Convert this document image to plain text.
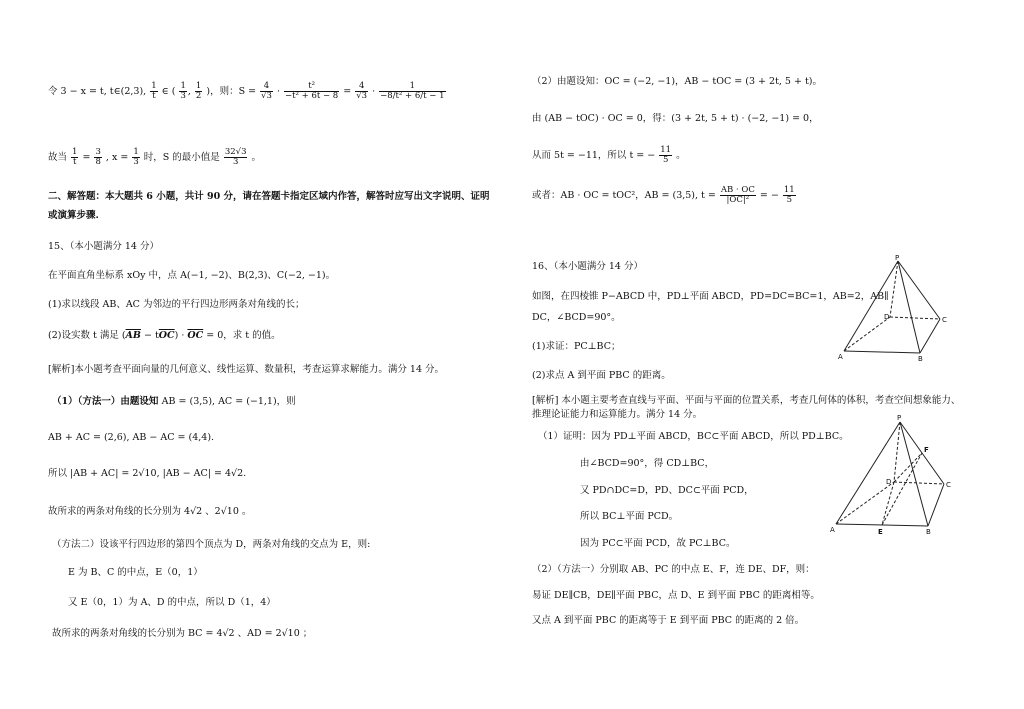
令 3 − x = t, t∈(2,3), $\frac{1}{t}$ ∈ ( $\frac{1}{3}$ , $\frac{1}{2}$ )，则：$S = \frac{4}{√3} \cdot \frac{\text{t²}}{\text{−t² + 6t − 8}} = \frac{4}{√3} \cdot \frac{1}{\text{−8/t² + 6/t − 1}}$
故当 $\frac{1}{t} = \frac{3}{8}$ , $x = \frac{1}{3}$ 时，S 的最小值是 $\frac{32√3}{3}$ 。
二、解答题：本大题共 6 小题，共计 90 分，请在答题卡指定区域内作答，解答时应写出文字说明、证明
或演算步骤.
15、（本小题满分 14 分）
在平面直角坐标系 xOy 中，点 A(−1, −2)、B(2,3)、C(−2, −1)。
(1)求以线段 AB、AC 为邻边的平行四边形两条对角线的长；
(2)设实数 t 满足 $(\overline{AB} - t\overline{OC}) \cdot \overline{OC} = 0$，求 t 的值。
[解析]本小题考查平面向量的几何意义、线性运算、数量积，考查运算求解能力。满分 14 分。
（1）（方法一）由题设知 AB = (3,5), AC = (−1,1)，则
AB + AC = (2,6), AB − AC = (4,4).
所以 |AB + AC| = 2√10, |AB − AC| = 4√2.
故所求的两条对角线的长分别为 4√2 、2√10 。
（方法二）设该平行四边形的第四个顶点为 D，两条对角线的交点为 E，则:
E 为 B、C 的中点，E（0，1）
又 E（0，1）为 A、D 的中点，所以 D（1，4）
故所求的两条对角线的长分别为 BC = 4√2 、AD = 2√10 ；
（2）由题设知：OC = (−2, −1)，AB − tOC = (3 + 2t, 5 + t)。
由 (AB − tOC) · OC = 0，得：(3 + 2t, 5 + t) · (−2, −1) = 0，
从而 5t = −11，所以 t = − $\frac{11}{5}$ 。
或者：AB · OC = tOC²，AB = (3,5), $t = \frac{AB \cdot OC}{\text{|OC|²}}$ = − $\frac{11}{5}$
16、（本小题满分 14 分）
如图，在四棱锥 P−ABCD 中，PD⊥平面 ABCD，PD=DC=BC=1，AB=2，AB∥
DC，∠BCD=90°。
(1)求证：PC⊥BC；
(2)求点 A 到平面 PBC 的距离。
[解析] 本小题主要考查直线与平面、平面与平面的位置关系，考查几何体的体积，考查空间想象能力、
推理论证能力和运算能力。满分 14 分。
（1）证明：因为 PD⊥平面 ABCD，BC⊂平面 ABCD，所以 PD⊥BC。
由∠BCD=90°，得 CD⊥BC，
又 PD∩DC=D，PD、DC⊂平面 PCD，
所以 BC⊥平面 PCD。
因为 PC⊂平面 PCD，故 PC⊥BC。
（2）（方法一）分别取 AB、PC 的中点 E、F，连 DE、DF，则：
易证 DE∥CB，DE∥平面 PBC，点 D、E 到平面 PBC 的距离相等。
又点 A 到平面 PBC 的距离等于 E 到平面 PBC 的距离的 2 倍。
P
A	B
C
D
P
A	B
C
D
E
F
